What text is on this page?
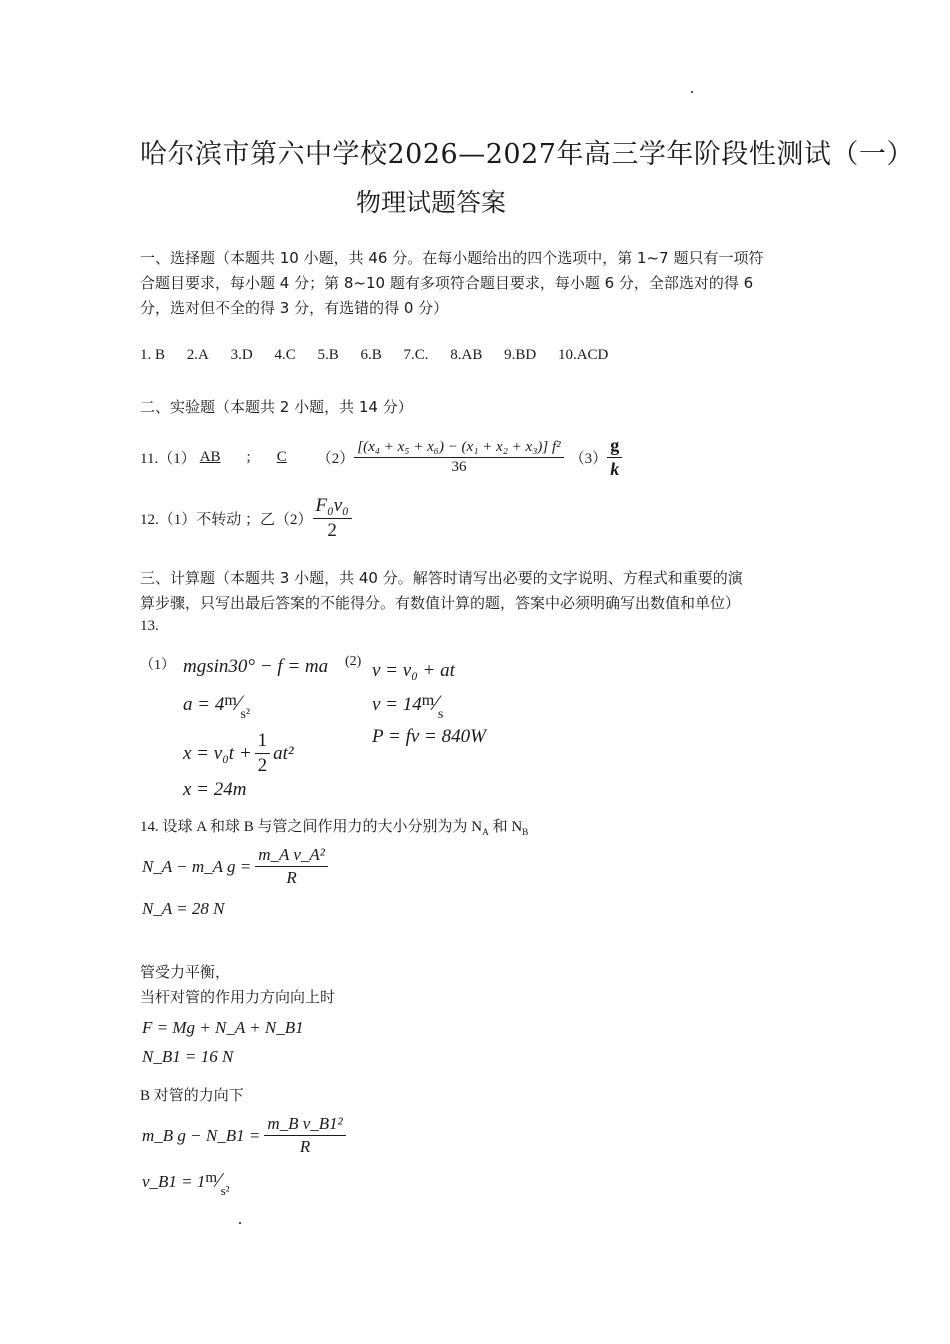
哈尔滨市第六中学校2026—2027年高三学年阶段性测试（一）
物理试题答案
一、选择题（本题共 10 小题，共 46 分。在每小题给出的四个选项中，第 1~7 题只有一项符
合题目要求，每小题 4 分；第 8~10 题有多项符合题目要求，每小题 6 分，全部选对的得 6
分，选对但不全的得 3 分，有选错的得 0 分）
1. B 2.A 3.D 4.C 5.B 6.B 7.C. 8.AB 9.BD 10.ACD
二、实验题（本题共 2 小题，共 14 分）
11.（1） AB ; C $(2) \frac{\text{[(x₄ + x₅ + x₆) − (x₁ + x₂ + x₃)] f²}}{36} (3) \frac{g}{k}$
12.（1）不转动 ；乙$(2) \frac{\text{F₀v₀}}{2}$
三、计算题（本题共 3 小题，共 40 分。解答时请写出必要的文字说明、方程式和重要的演
算步骤，只写出最后答案的不能得分。有数值计算的题，答案中必须明确写出数值和单位）
13.
（1） mgsin30° − f = ma
$a = 4^m⁄_{s^2}$
$x = v_0t + \frac{1}{2} at^2$
x = 24m
(2) v = v₀ + at
$v = 14^m⁄_s$
P = fv = 840W
14. 设球 A 和球 B 与管之间作用力的大小分别为为 $N_A$ 和 $N_B$
N_A − m_A $g = \frac{\text{m\_A v\_A²}}{R}$
N_A = 28 N
管受力平衡，
当杆对管的作用力方向向上时
F = Mg + N_A + N_B1
N_B1 = 16 N
B 对管的力向下
m_B g − N_B1 = $\frac{\text{m\_B v\_B1²}}{R}$
v_B1 = $1m⁄_{s^2}$
